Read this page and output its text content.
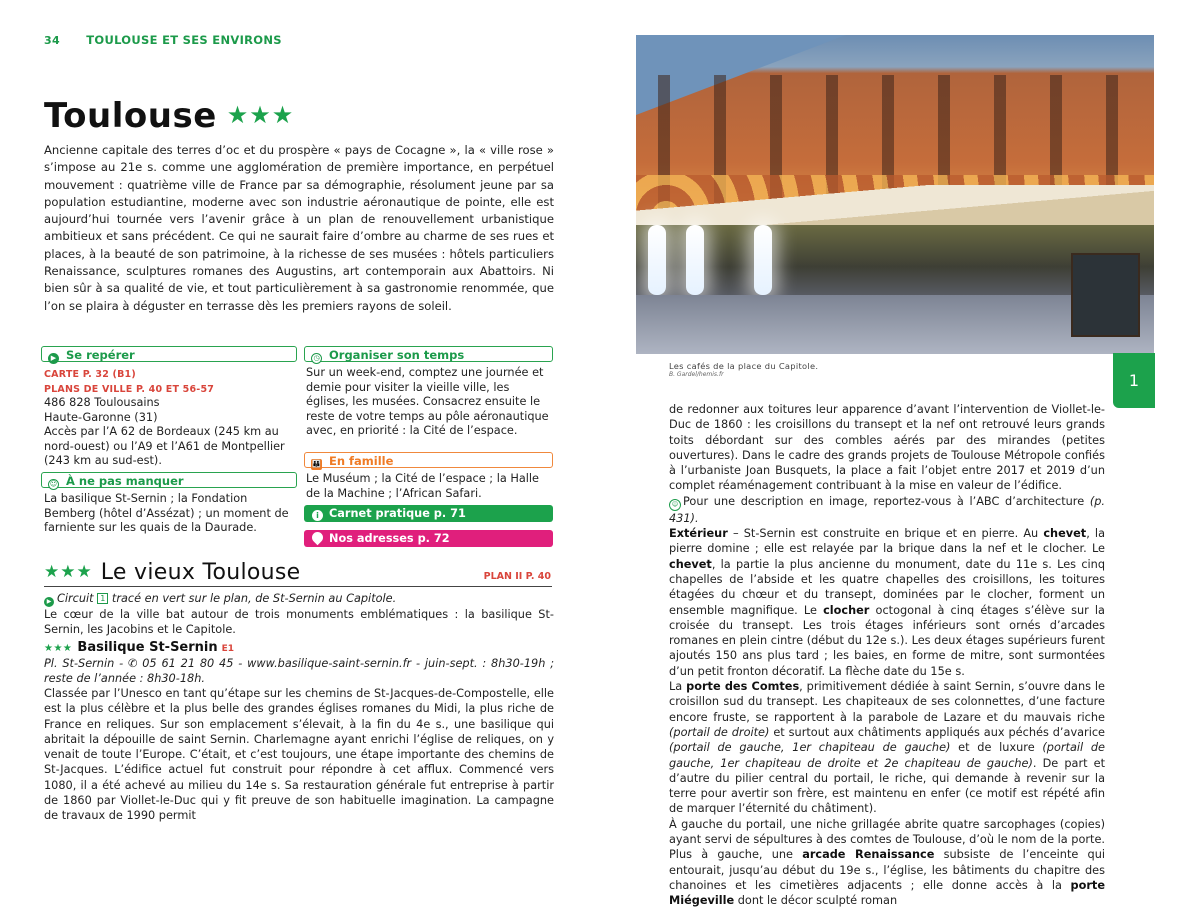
34 TOULOUSE ET SES ENVIRONS
Toulouse ★★★
Ancienne capitale des terres d’oc et du prospère « pays de Cocagne », la « ville rose » s’impose au 21e s. comme une agglomération de première importance, en perpétuel mouvement : quatrième ville de France par sa démographie, résolument jeune par sa population estudiantine, moderne avec son industrie aéronautique de pointe, elle est aujourd’hui tournée vers l’avenir grâce à un plan de renouvellement urbanistique ambitieux et sans précédent. Ce qui ne saurait faire d’ombre au charme de ses rues et places, à la beauté de son patrimoine, à la richesse de ses musées : hôtels particuliers Renaissance, sculptures romanes des Augustins, art contemporain aux Abattoirs. Ni bien sûr à sa qualité de vie, et tout particulièrement à sa gastronomie renommée, que l’on se plaira à déguster en terrasse dès les premiers rayons de soleil.
▶ Se repérer
CARTE P. 32 (B1)
PLANS DE VILLE P. 40 ET 56-57
486 828 Toulousains
Haute-Garonne (31)
Accès par l’A 62 de Bordeaux (245 km au nord-ouest) ou l’A9 et l’A61 de Montpellier (243 km au sud-est).
☺ À ne pas manquer
La basilique St-Sernin ; la Fondation Bemberg (hôtel d’Assézat) ; un moment de farniente sur les quais de la Daurade.
◷ Organiser son temps
Sur un week-end, comptez une journée et demie pour visiter la vieille ville, les églises, les musées. Consacrez ensuite le reste de votre temps au pôle aéronautique avec, en priorité : la Cité de l’espace.
👪 En famille
Le Muséum ; la Cité de l’espace ; la Halle de la Machine ; l’African Safari.
i Carnet pratique p. 71
Nos adresses p. 72
★★★ Le vieux Toulouse	PLAN II P. 40
▶ Circuit 1 tracé en vert sur le plan, de St-Sernin au Capitole.
Le cœur de la ville bat autour de trois monuments emblématiques : la basilique St-Sernin, les Jacobins et le Capitole.
★★★ Basilique St-Sernin E1
Pl. St-Sernin - ✆ 05 61 21 80 45 - www.basilique-saint-sernin.fr - juin-sept. : 8h30-19h ; reste de l’année : 8h30-18h.
Classée par l’Unesco en tant qu’étape sur les chemins de St-Jacques-de-Compostelle, elle est la plus célèbre et la plus belle des grandes églises romanes du Midi, la plus riche de France en reliques. Sur son emplacement s’élevait, à la fin du 4e s., une basilique qui abritait la dépouille de saint Sernin. Charlemagne ayant enrichi l’église de reliques, on y venait de toute l’Europe. C’était, et c’est toujours, une étape importante des chemins de St-Jacques. L’édifice actuel fut construit pour répondre à cet afflux. Commencé vers 1080, il a été achevé au milieu du 14e s. Sa restauration générale fut entreprise à partir de 1860 par Viollet-le-Duc qui y fit preuve de son habituelle imagination. La campagne de travaux de 1990 permit
Les cafés de la place du Capitole.
B. Gardel/hemis.fr	1
de redonner aux toitures leur apparence d’avant l’intervention de Viollet-le-Duc de 1860 : les croisillons du transept et la nef ont retrouvé leurs grands toits débordant sur des combles aérés par des mirandes (petites ouvertures). Dans le cadre des grands projets de Toulouse Métropole confiés à l’urbaniste Joan Busquets, la place a fait l’objet entre 2017 et 2019 d’un complet réaménagement contribuant à la mise en valeur de l’édifice.
☺ Pour une description en image, reportez-vous à l’ABC d’architecture (p. 431).
Extérieur – St-Sernin est construite en brique et en pierre. Au chevet, la pierre domine ; elle est relayée par la brique dans la nef et le clocher. Le chevet, la partie la plus ancienne du monument, date du 11e s. Les cinq chapelles de l’abside et les quatre chapelles des croisillons, les toitures étagées du chœur et du transept, dominées par le clocher, forment un ensemble magnifique. Le clocher octogonal à cinq étages s’élève sur la croisée du transept. Les trois étages inférieurs sont ornés d’arcades romanes en plein cintre (début du 12e s.). Les deux étages supérieurs furent ajoutés 150 ans plus tard ; les baies, en forme de mitre, sont surmontées d’un petit fronton décoratif. La flèche date du 15e s.
La porte des Comtes, primitivement dédiée à saint Sernin, s’ouvre dans le croisillon sud du transept. Les chapiteaux de ses colonnettes, d’une facture encore fruste, se rapportent à la parabole de Lazare et du mauvais riche (portail de droite) et surtout aux châtiments appliqués aux péchés d’avarice (portail de gauche, 1er chapiteau de gauche) et de luxure (portail de gauche, 1er chapiteau de droite et 2e chapiteau de gauche). De part et d’autre du pilier central du portail, le riche, qui demande à revenir sur la terre pour avertir son frère, est maintenu en enfer (ce motif est répété afin de marquer l’éternité du châtiment).
À gauche du portail, une niche grillagée abrite quatre sarcophages (copies) ayant servi de sépultures à des comtes de Toulouse, d’où le nom de la porte. Plus à gauche, une arcade Renaissance subsiste de l’enceinte qui entourait, jusqu’au début du 19e s., l’église, les bâtiments du chapitre des chanoines et les cimetières adjacents ; elle donne accès à la porte Miégeville dont le décor sculpté roman
